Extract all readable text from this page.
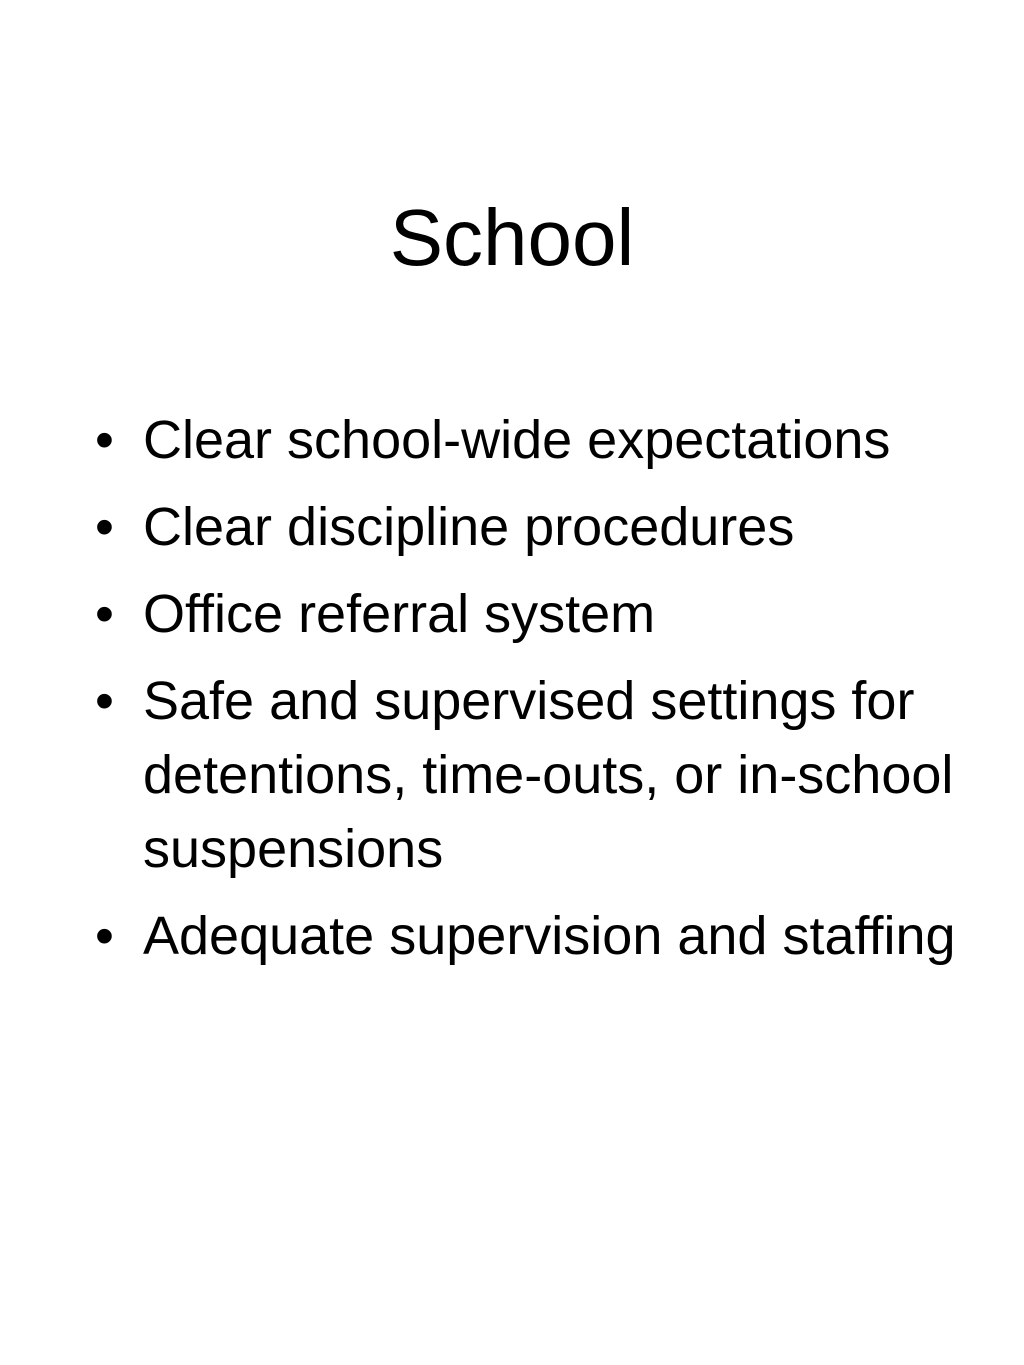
School
• Clear school-wide expectations
• Clear discipline procedures
• Office referral system
• Safe and supervised settings for detentions, time-outs, or in-school suspensions
• Adequate supervision and staffing
